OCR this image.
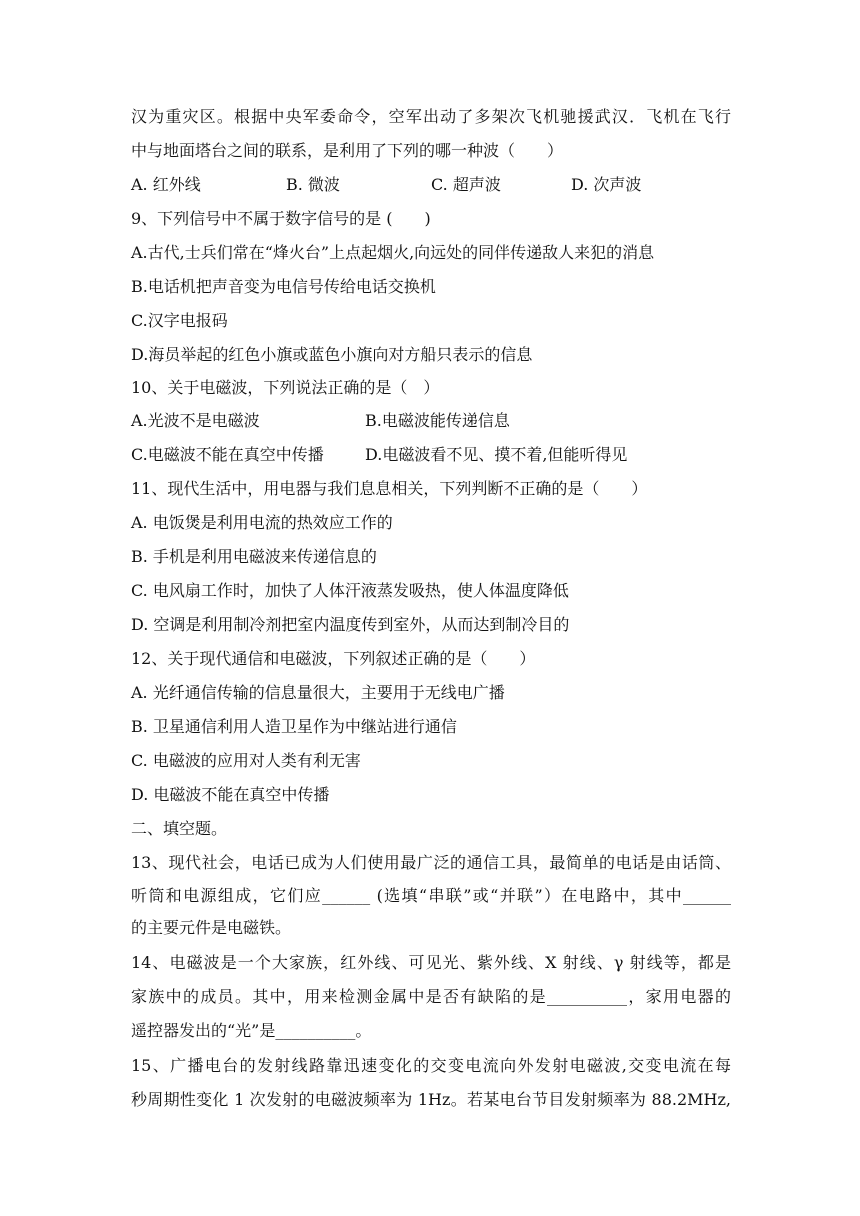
汉为重灾区。根据中央军委命令，空军出动了多架次飞机驰援武汉．飞机在飞行
中与地面塔台之间的联系，是利用了下列的哪一种波（　　）
A. 红外线	B. 微波	C. 超声波	D. 次声波
9、下列信号中不属于数字信号的是 (　　)
A.古代,士兵们常在“烽火台”上点起烟火,向远处的同伴传递敌人来犯的消息
B.电话机把声音变为电信号传给电话交换机
C.汉字电报码
D.海员举起的红色小旗或蓝色小旗向对方船只表示的信息
10、关于电磁波，下列说法正确的是（　）
A.光波不是电磁波	B.电磁波能传递信息
C.电磁波不能在真空中传播	D.电磁波看不见、摸不着,但能听得见
11、现代生活中，用电器与我们息息相关，下列判断不正确的是（　　）
A. 电饭煲是利用电流的热效应工作的
B. 手机是利用电磁波来传递信息的
C. 电风扇工作时，加快了人体汗液蒸发吸热，使人体温度降低
D. 空调是利用制冷剂把室内温度传到室外，从而达到制冷目的
12、关于现代通信和电磁波，下列叙述正确的是（　　）
A. 光纤通信传输的信息量很大，主要用于无线电广播
B. 卫星通信利用人造卫星作为中继站进行通信
C. 电磁波的应用对人类有利无害
D. 电磁波不能在真空中传播
二、填空题。
13、现代社会，电话已成为人们使用最广泛的通信工具，最简单的电话是由话筒、
听筒和电源组成，它们应______ (选填“串联”或“并联”）在电路中，其中______
的主要元件是电磁铁。
14、电磁波是一个大家族，红外线、可见光、紫外线、X 射线、γ 射线等，都是
家族中的成员。其中，用来检测金属中是否有缺陷的是__________，家用电器的
遥控器发出的“光”是__________。
15、广播电台的发射线路靠迅速变化的交变电流向外发射电磁波,交变电流在每
秒周期性变化 1 次发射的电磁波频率为 1Hz。若某电台节目发射频率为 88.2MHz,
